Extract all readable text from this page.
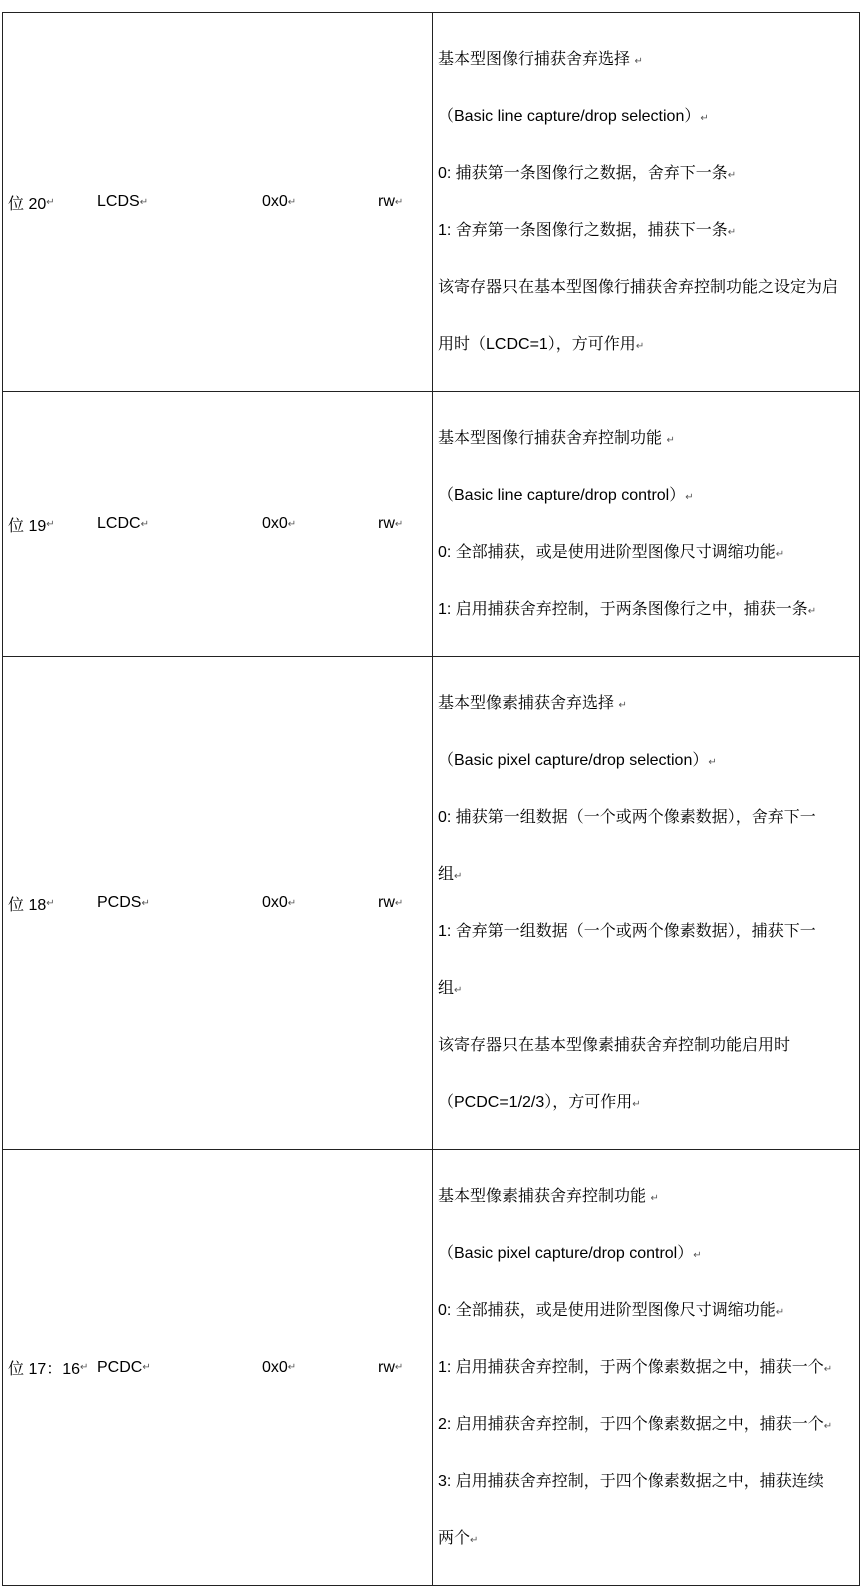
位 20 ↵	LCDS ↵	0x0 ↵	rw ↵

基本型图像行捕获舍弃选择 ↵

（Basic line capture/drop selection）↵

0: 捕获第一条图像行之数据，舍弃下一条↵

1: 舍弃第一条图像行之数据，捕获下一条↵

该寄存器只在基本型图像行捕获舍弃控制功能之设定为启

用时（LCDC=1），方可作用↵

位 19 ↵	LCDC ↵	0x0 ↵	rw ↵

基本型图像行捕获舍弃控制功能 ↵

（Basic line capture/drop control）↵

0: 全部捕获，或是使用进阶型图像尺寸调缩功能↵

1: 启用捕获舍弃控制，于两条图像行之中，捕获一条↵

位 18 ↵	PCDS ↵	0x0 ↵	rw ↵

基本型像素捕获舍弃选择 ↵

（Basic pixel capture/drop selection）↵

0: 捕获第一组数据（一个或两个像素数据），舍弃下一

组↵

1: 舍弃第一组数据（一个或两个像素数据），捕获下一

组↵

该寄存器只在基本型像素捕获舍弃控制功能启用时

（PCDC=1/2/3），方可作用↵

位 17：16 ↵ PCDC ↵	0x0 ↵	rw ↵

基本型像素捕获舍弃控制功能 ↵

（Basic pixel capture/drop control）↵

0: 全部捕获，或是使用进阶型图像尺寸调缩功能↵

1: 启用捕获舍弃控制，于两个像素数据之中，捕获一个↵

2: 启用捕获舍弃控制，于四个像素数据之中，捕获一个↵

3: 启用捕获舍弃控制，于四个像素数据之中，捕获连续

两个↵
